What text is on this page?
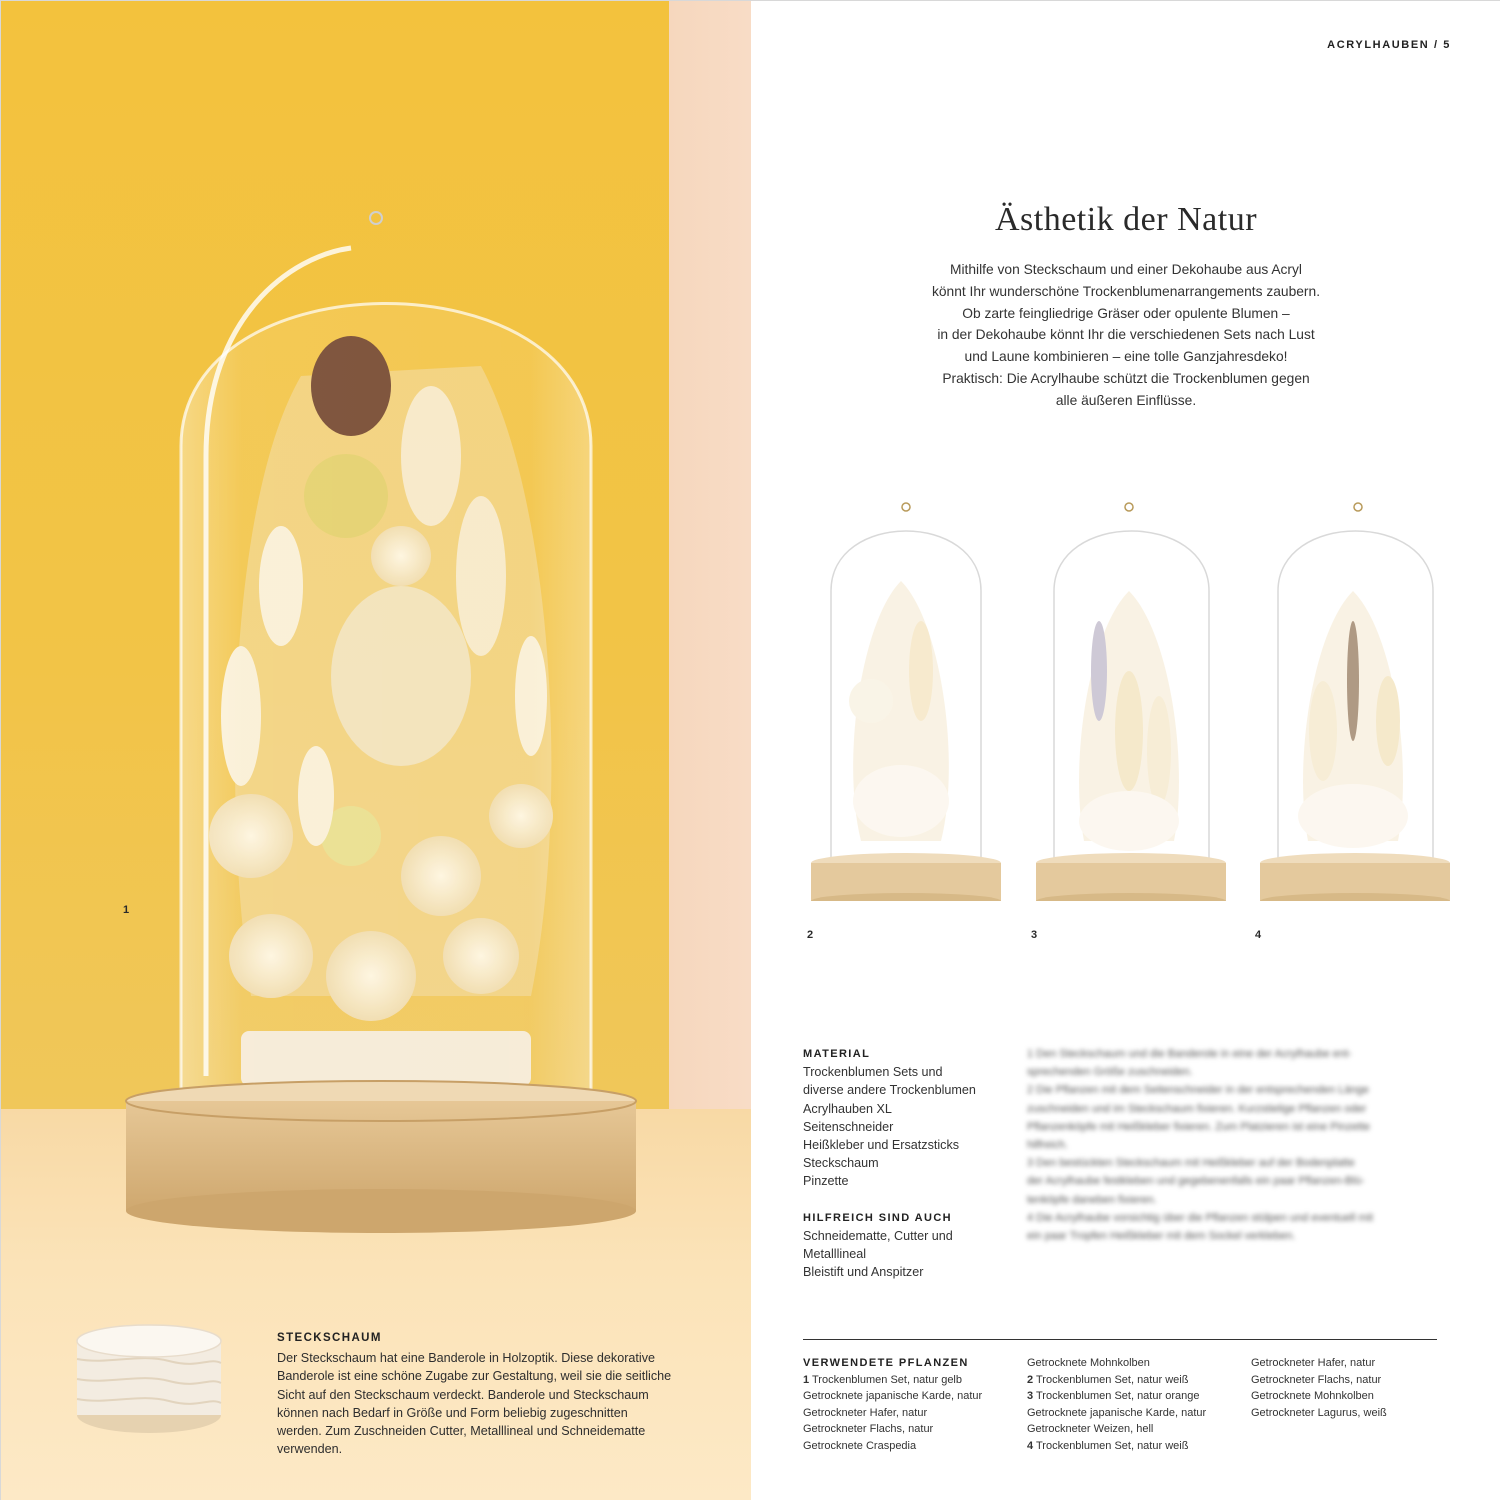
1
STECKSCHAUM
Der Steckschaum hat eine Banderole in Holzoptik. Diese dekorative
Banderole ist eine schöne Zugabe zur Gestaltung, weil sie die seitliche
Sicht auf den Steckschaum verdeckt. Banderole und Steckschaum
können nach Bedarf in Größe und Form beliebig zugeschnitten
werden. Zum Zuschneiden Cutter, Metalllineal und Schneidematte
verwenden.
ACRYLHAUBEN / 5
Ästhetik der Natur

Mithilfe von Steckschaum und einer Dekohaube aus Acryl

könnt Ihr wunderschöne Trockenblumenarrangements zaubern.

Ob zarte feingliedrige Gräser oder opulente Blumen –

in der Dekohaube könnt Ihr die verschiedenen Sets nach Lust

und Laune kombinieren – eine tolle Ganzjahresdeko!

Praktisch: Die Acrylhaube schützt die Trockenblumen gegen

alle äußeren Einflüsse.

2	3	4
MATERIAL
Trockenblumen Sets und
diverse andere Trockenblumen
Acrylhauben XL
Seitenschneider
Heißkleber und Ersatzsticks
Steckschaum
Pinzette
HILFREICH SIND AUCH
Schneidematte, Cutter und
Metalllineal
Bleistift und Anspitzer
1 Den Steckschaum und die Banderole in eine der Acrylhaube ent-
sprechenden Größe zuschneiden.
2 Die Pflanzen mit dem Seitenschneider in der entsprechenden Länge
zuschneiden und im Steckschaum fixieren. Kurzstielige Pflanzen oder
Pflanzenköpfe mit Heißkleber fixieren. Zum Platzieren ist eine Pinzette
hilfreich.
3 Den bestückten Steckschaum mit Heißkleber auf der Bodenplatte
der Acrylhaube festkleben und gegebenenfalls ein paar Pflanzen-Blü-
tenköpfe daneben fixieren.
4 Die Acrylhaube vorsichtig über die Pflanzen stülpen und eventuell mit
ein paar Tropfen Heißkleber mit dem Sockel verkleben.
VERWENDETE PFLANZEN
1 Trockenblumen Set, natur gelb
Getrocknete japanische Karde, natur
Getrockneter Hafer, natur
Getrockneter Flachs, natur
Getrocknete Craspedia
Getrocknete Mohnkolben
2 Trockenblumen Set, natur weiß
3 Trockenblumen Set, natur orange
Getrocknete japanische Karde, natur
Getrockneter Weizen, hell
4 Trockenblumen Set, natur weiß
Getrockneter Hafer, natur
Getrockneter Flachs, natur
Getrocknete Mohnkolben
Getrockneter Lagurus, weiß
